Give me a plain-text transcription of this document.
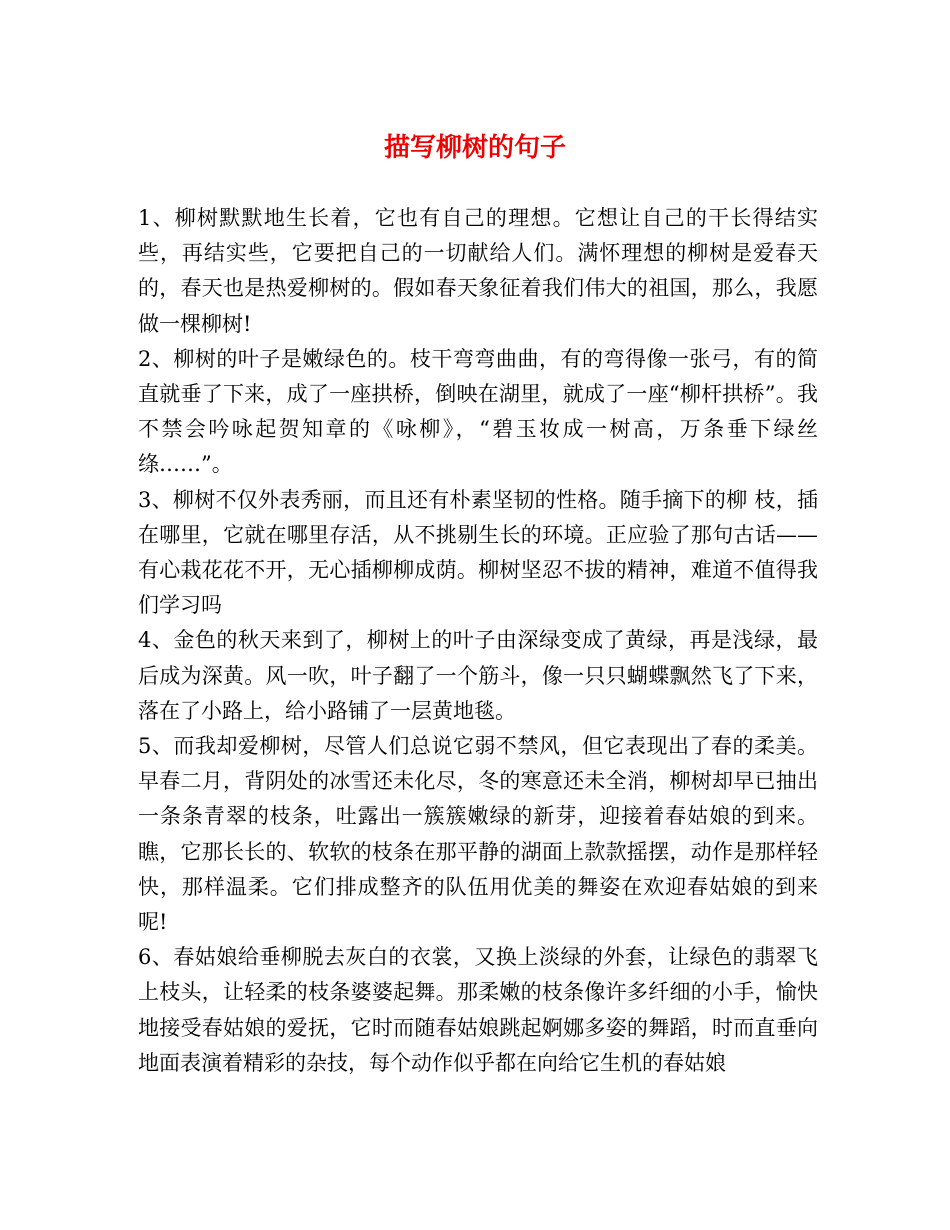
描写柳树的句子

1、柳树默默地生长着，它也有自己的理想。它想让自己的干长得结实些，再结实些，它要把自己的一切献给人们。满怀理想的柳树是爱春天的，春天也是热爱柳树的。假如春天象征着我们伟大的祖国，那么，我愿做一棵柳树!

2、柳树的叶子是嫩绿色的。枝干弯弯曲曲，有的弯得像一张弓，有的简直就垂了下来，成了一座拱桥，倒映在湖里，就成了一座“柳杆拱桥”。我不禁会吟咏起贺知章的《咏柳》，“碧玉妆成一树高，万条垂下绿丝绦……”。

3、柳树不仅外表秀丽，而且还有朴素坚韧的性格。随手摘下的柳 枝，插在哪里，它就在哪里存活，从不挑剔生长的环境。正应验了那句古话——有心栽花花不开，无心插柳柳成荫。柳树坚忍不拔的精神，难道不值得我们学习吗

4、金色的秋天来到了，柳树上的叶子由深绿变成了黄绿，再是浅绿，最后成为深黄。风一吹，叶子翻了一个筋斗，像一只只蝴蝶飘然飞了下来，落在了小路上，给小路铺了一层黄地毯。

5、而我却爱柳树，尽管人们总说它弱不禁风，但它表现出了春的柔美。早春二月，背阴处的冰雪还未化尽，冬的寒意还未全消，柳树却早已抽出一条条青翠的枝条，吐露出一簇簇嫩绿的新芽，迎接着春姑娘的到来。瞧，它那长长的、软软的枝条在那平静的湖面上款款摇摆，动作是那样轻快，那样温柔。它们排成整齐的队伍用优美的舞姿在欢迎春姑娘的到来呢!

6、春姑娘给垂柳脱去灰白的衣裳，又换上淡绿的外套，让绿色的翡翠飞上枝头，让轻柔的枝条婆婆起舞。那柔嫩的枝条像许多纤细的小手，愉快地接受春姑娘的爱抚，它时而随春姑娘跳起婀娜多姿的舞蹈，时而直垂向地面表演着精彩的杂技，每个动作似乎都在向给它生机的春姑娘
